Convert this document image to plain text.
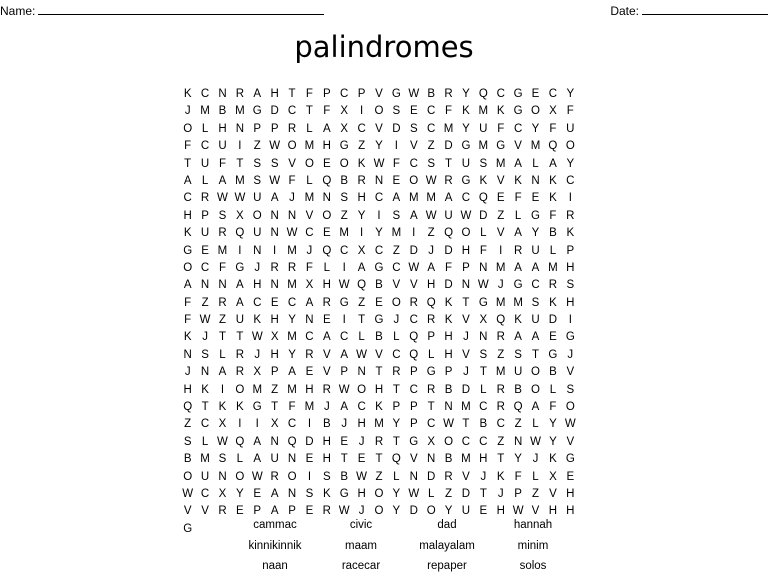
Name:	Date:
palindromes
K C N R A H T F P C P V G W B R Y Q C G E C Y
J M B M G D C T F X	I O S E C F K M K G O X F
O L H N P P R L A X C V D S C M Y U F C Y F U
F C U	I	Z W O M H G Z Y	I	V Z D G M G V M Q O
T U F T S S V O E O K W F C S T U S M A L A Y
A L A M S W F L Q B R N E O W R G K V K N K C
C R W W U A J M N S H C A M M A C Q E F E K	I
H P S X O N N V O Z Y	I	S A W U W D Z L G F R
K U R Q U N W C E M I	Y M I	Z Q O L V A Y B K
G E M I	N	I M J Q C X C Z D J D H F	I	R U L P
O C F G J R R F L	I	A G C W A F P N M A A M H
A N N A H N M X H W Q B V V H D N W J G C R S
F Z R A C E C A R G Z E O R Q K T G M M S K H
F W Z U K H Y N E	I	T G J C R K V X Q K U D	I
K J T T W X M C A C L B L Q P H J N R A A E G
N S L R J H Y R V A W V C Q L H V S Z S T G J
J N A R X P A E V P N T R P G P J T M U O B V
H K	I O M Z M H R W O H T C R B D L R B O L S
Q T K K G T F M J A C K P P T N M C R Q A F O
Z C X	I	I	X C	I	B J H M Y P C W T B C Z L Y W
S L W Q A N Q D H E J R T G X O C C Z N W Y V
B M S L A U N E H T E T Q V N B M H T Y J K G
O U N O W R O I	S B W Z L N D R V J K F L X E
W C X Y E A N S K G H O Y W L Z D T J P Z V H
V V R E P A P E R W J O Y D O Y U E H W V H H
G	cammac	civic	dad	hannah
kinnikinnik	maam	malayalam	minim
naan	racecar	repaper	solos
